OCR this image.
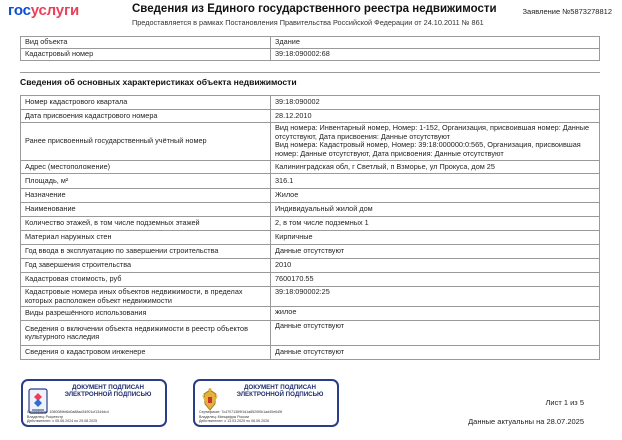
госуслуги	Сведения из Единого государственного реестра недвижимости
Предоставляется в рамках Постановления Правительства Российской Федерации от 24.10.2011 № 861
Заявление №5873278812
Вид объекта	Здание
Кадастровый номер	39:18:090002:68
Сведения об основных характеристиках объекта недвижимости
Номер кадастрового квартала	39:18:090002
Дата присвоения кадастрового номера	28.12.2010
Ранее присвоенный государственный учётный номер	Вид номера: Инвентарный номер, Номер: 1-152, Организация, присвоившая номер: Данные отсутствуют, Дата присвоения: Данные отсутствуют
Вид номера: Кадастровый номер, Номер: 39:18:000000:0:565, Организация, присвоившая номер: Данные отсутствуют, Дата присвоения: Данные отсутствуют
Адрес (местоположение)	Калининградская обл, г Светлый, п Взморье, ул Прокуса, дом 25
Площадь, м²	316.1
Назначение	Жилое
Наименование	Индивидуальный жилой дом
Количество этажей, в том числе подземных этажей	2, в том числе подземных 1
Материал наружных стен	Кирпичные
Год ввода в эксплуатацию по завершении строительства	Данные отсутствуют
Год завершения строительства	2010
Кадастровая стоимость, руб	7600170.55
Кадастровые номера иных объектов недвижимости, в пределах которых расположен объект недвижимости	39:18:090002:25
Виды разрешённого использования	жилое
Сведения о включении объекта недвижимости в реестр объектов культурного наследия	Данные отсутствуют
Сведения о кадастровом инженере	Данные отсутствуют
ДОКУМЕНТ ПОДПИСАН ЭЛЕКТРОННОЙ ПОДПИСЬЮ
Сертификат: 1080089fd6d0a88ad34901cf1344dc4
Владелец: Росреестр
Действителен: с 05.06.2024 по 29.08.2025
ДОКУМЕНТ ПОДПИСАН ЭЛЕКТРОННОЙ ПОДПИСЬЮ
Сертификат: 7c47071369f1d1a8520f0b1ad40e645f
Владелец: Минцифры России
Действителен: с 13.03.2025 по 06.06.2026
Лист 1 из 5
Данные актуальны на 28.07.2025
